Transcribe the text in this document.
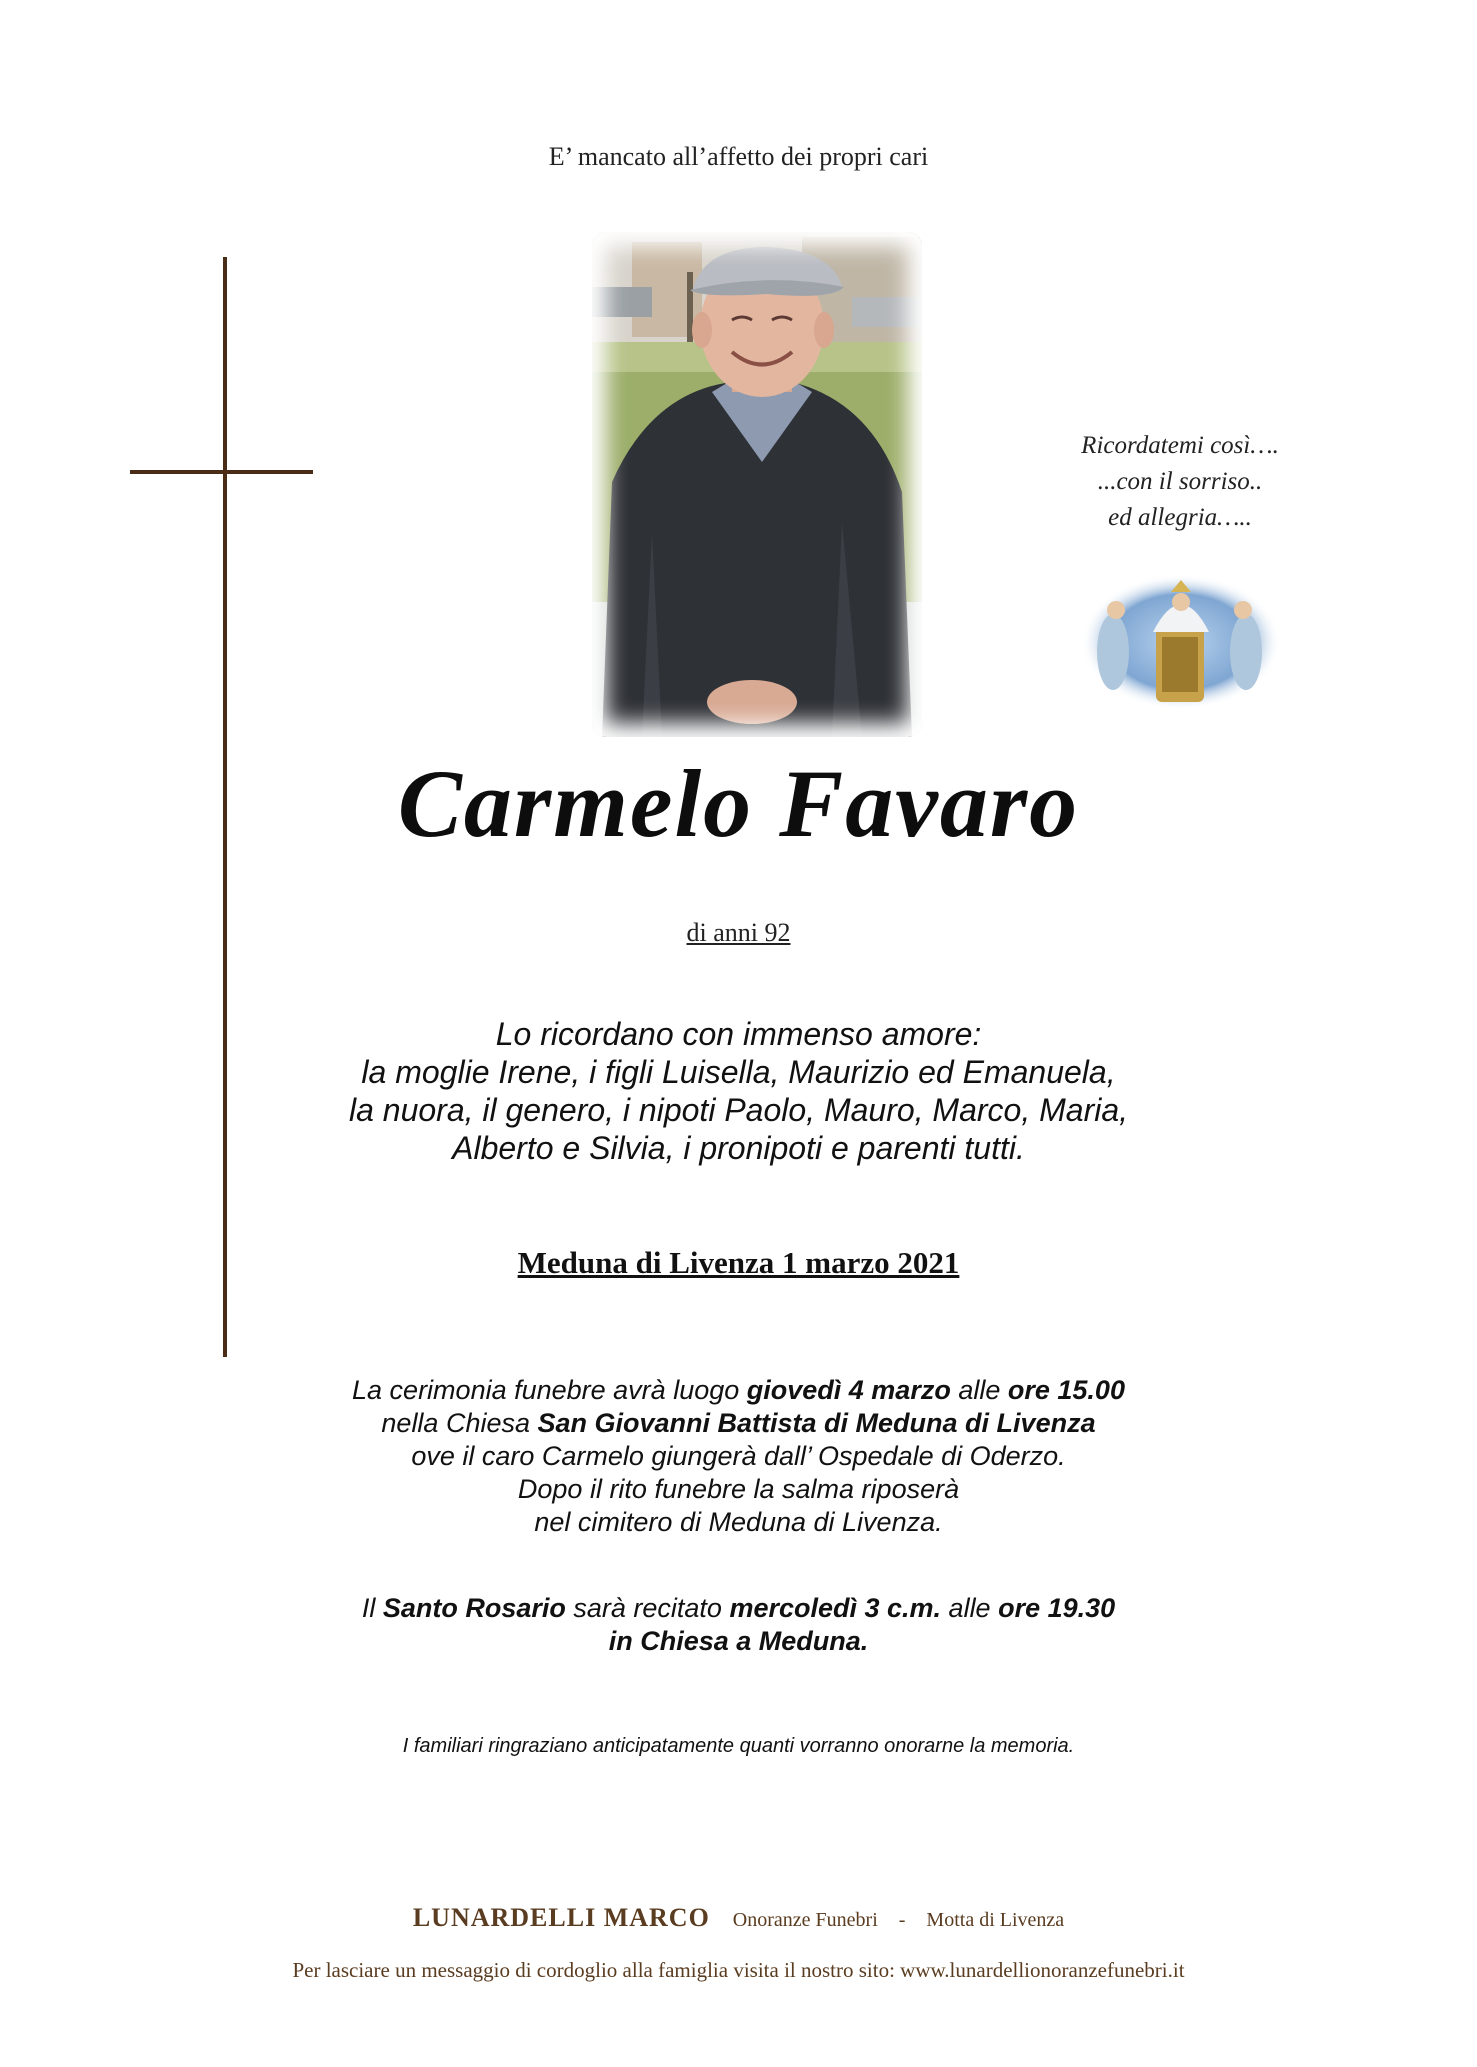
E’ mancato all’affetto dei propri cari
Ricordatemi così….
...con il sorriso..
ed allegria…..
Carmelo Favaro
di anni 92
Lo ricordano con immenso amore:
la moglie Irene, i figli Luisella, Maurizio ed Emanuela,
la nuora, il genero, i nipoti Paolo, Mauro, Marco, Maria,
Alberto e Silvia, i pronipoti e parenti tutti.
Meduna di Livenza 1 marzo 2021
La cerimonia funebre avrà luogo giovedì 4 marzo alle ore 15.00
nella Chiesa San Giovanni Battista di Meduna di Livenza
ove il caro Carmelo giungerà dall’ Ospedale di Oderzo.
Dopo il rito funebre la salma riposerà
nel cimitero di Meduna di Livenza.
Il Santo Rosario sarà recitato mercoledì 3 c.m. alle ore 19.30
in Chiesa a Meduna.
I familiari ringraziano anticipatamente quanti vorranno onorarne la memoria.
LUNARDELLI MARCO Onoranze Funebri - Motta di Livenza
Per lasciare un messaggio di cordoglio alla famiglia visita il nostro sito: www.lunardellionoranzefunebri.it
